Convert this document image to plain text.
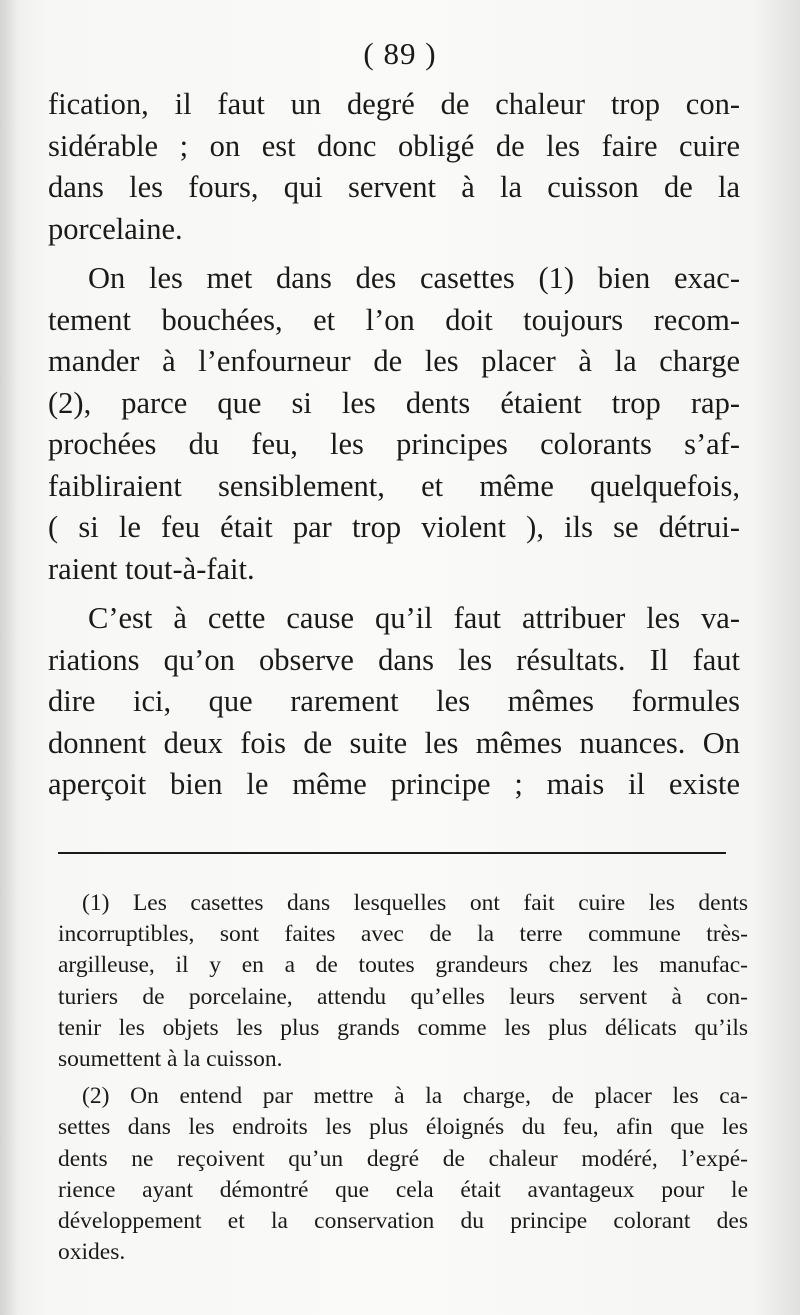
( 89 )
fication, il faut un degré de chaleur trop con-
sidérable ; on est donc obligé de les faire cuire
dans les fours, qui servent à la cuisson de la
porcelaine.
On les met dans des casettes (1) bien exac-
tement bouchées, et l’on doit toujours recom-
mander à l’enfourneur de les placer à la charge
(2), parce que si les dents étaient trop rap-
prochées du feu, les principes colorants s’af-
faibliraient sensiblement, et même quelquefois,
( si le feu était par trop violent ), ils se détrui-
raient tout-à-fait.
C’est à cette cause qu’il faut attribuer les va-
riations qu’on observe dans les résultats. Il faut
dire ici, que rarement les mêmes formules
donnent deux fois de suite les mêmes nuances. On
aperçoit bien le même principe ; mais il existe
(1) Les casettes dans lesquelles ont fait cuire les dents
incorruptibles, sont faites avec de la terre commune très-
argilleuse, il y en a de toutes grandeurs chez les manufac-
turiers de porcelaine, attendu qu’elles leurs servent à con-
tenir les objets les plus grands comme les plus délicats qu’ils
soumettent à la cuisson.
(2) On entend par mettre à la charge, de placer les ca-
settes dans les endroits les plus éloignés du feu, afin que les
dents ne reçoivent qu’un degré de chaleur modéré, l’expé-
rience ayant démontré que cela était avantageux pour le
développement et la conservation du principe colorant des
oxides.
